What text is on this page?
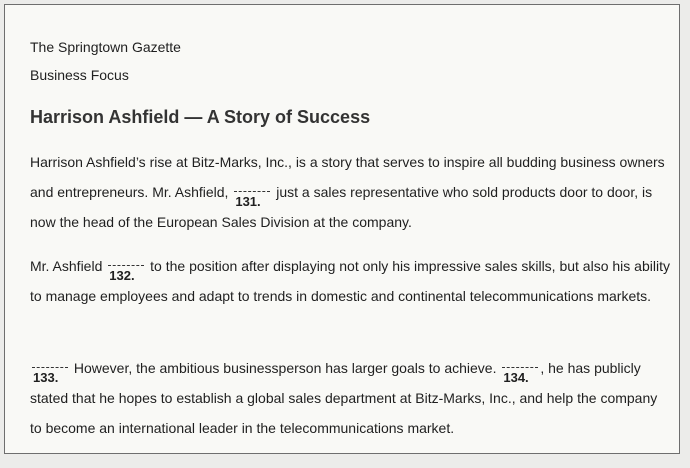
The Springtown Gazette
Business Focus
Harrison Ashfield — A Story of Success
Harrison Ashfield’s rise at Bitz-Marks, Inc., is a story that serves to inspire all budding business owners and entrepreneurs. Mr. Ashfield,
131.
just a sales representative who sold products door to door, is now the head of the European Sales Division at the company.
Mr. Ashfield
132.
to the position after displaying not only his impressive sales skills, but also his ability to manage employees and adapt to trends in domestic and continental telecommunications markets.
133.
However, the ambitious businessperson has larger goals to achieve.
134.
, he has publicly stated that he hopes to establish a global sales department at Bitz-Marks, Inc., and help the company to become an international leader in the telecommunications market.
